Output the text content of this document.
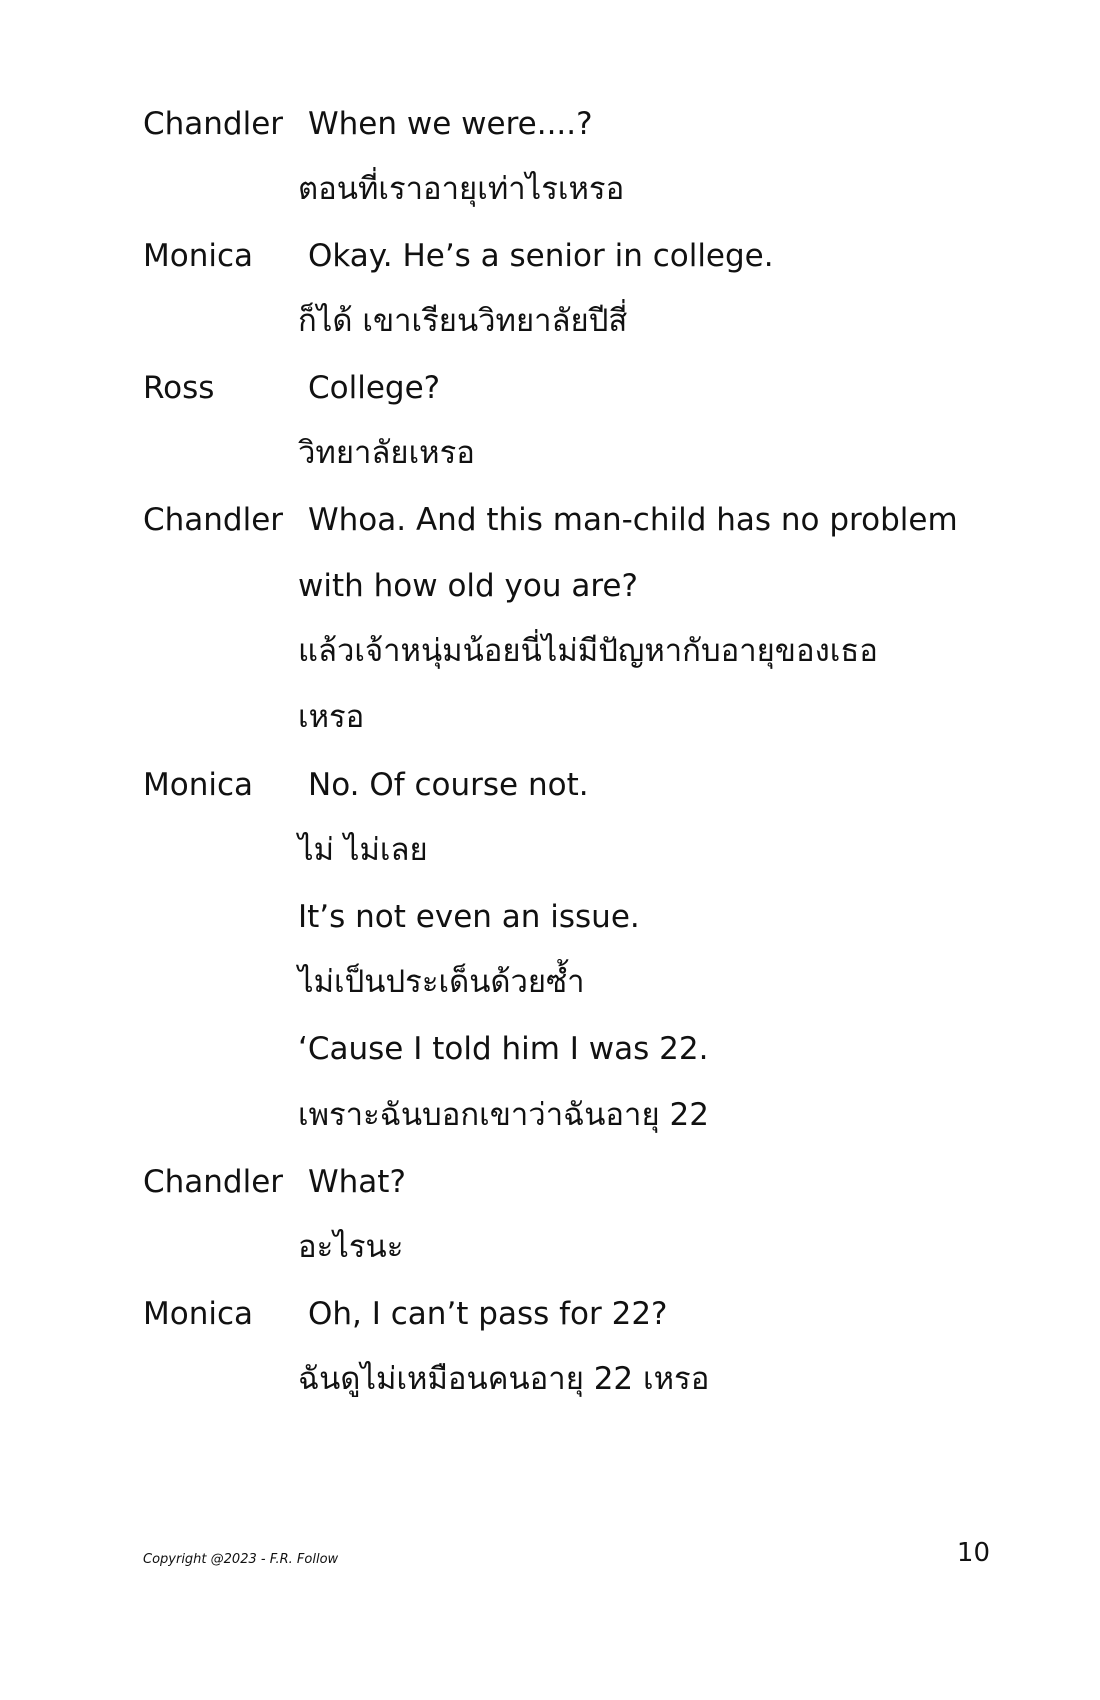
Chandler When we were....?
ตอนที่เราอายุเท่าไรเหรอ
Monica Okay. He’s a senior in college.
ก็ได้ เขาเรียนวิทยาลัยปีสี่
Ross	College?
วิทยาลัยเหรอ
Chandler Whoa. And this man-child has no problem
with how old you are?
แล้วเจ้าหนุ่มน้อยนี่ไม่มีปัญหากับอายุของเธอ
เหรอ
Monica No. Of course not.
ไม่ ไม่เลย
It’s not even an issue.
ไม่เป็นประเด็นด้วยซ้ำ
‘Cause I told him I was 22.
เพราะฉันบอกเขาว่าฉันอายุ 22
Chandler What?
อะไรนะ
Monica Oh, I can’t pass for 22?
ฉันดูไม่เหมือนคนอายุ 22 เหรอ
Copyright @2023 - F.R. Follow	10
